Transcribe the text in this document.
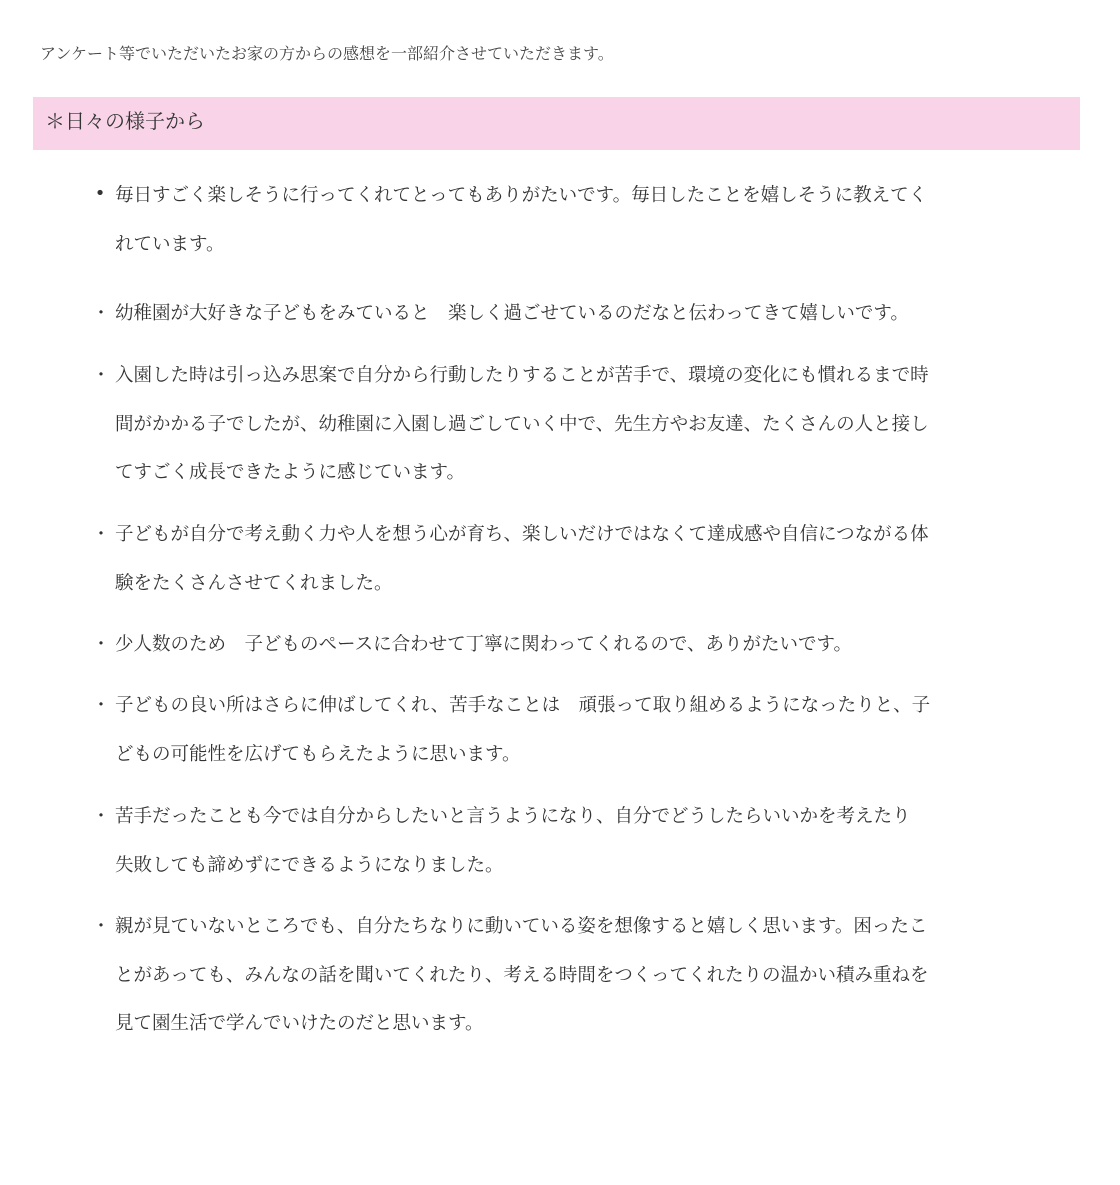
アンケート等でいただいたお家の方からの感想を一部紹介させていただきます。
＊日々の様子から
• 毎日すごく楽しそうに行ってくれてとってもありがたいです。毎日したことを嬉しそうに教えてく
れています。
・ 幼稚園が大好きな子どもをみていると　楽しく過ごせているのだなと伝わってきて嬉しいです。
・ 入園した時は引っ込み思案で自分から行動したりすることが苦手で、環境の変化にも慣れるまで時
間がかかる子でしたが、幼稚園に入園し過ごしていく中で、先生方やお友達、たくさんの人と接し
てすごく成長できたように感じています。
・ 子どもが自分で考え動く力や人を想う心が育ち、楽しいだけではなくて達成感や自信につながる体
験をたくさんさせてくれました。
・ 少人数のため　子どものペースに合わせて丁寧に関わってくれるので、ありがたいです。
・ 子どもの良い所はさらに伸ばしてくれ、苦手なことは　頑張って取り組めるようになったりと、子
どもの可能性を広げてもらえたように思います。
・ 苦手だったことも今では自分からしたいと言うようになり、自分でどうしたらいいかを考えたり
失敗しても諦めずにできるようになりました。
・ 親が見ていないところでも、自分たちなりに動いている姿を想像すると嬉しく思います。困ったこ
とがあっても、みんなの話を聞いてくれたり、考える時間をつくってくれたりの温かい積み重ねを
見て園生活で学んでいけたのだと思います。
